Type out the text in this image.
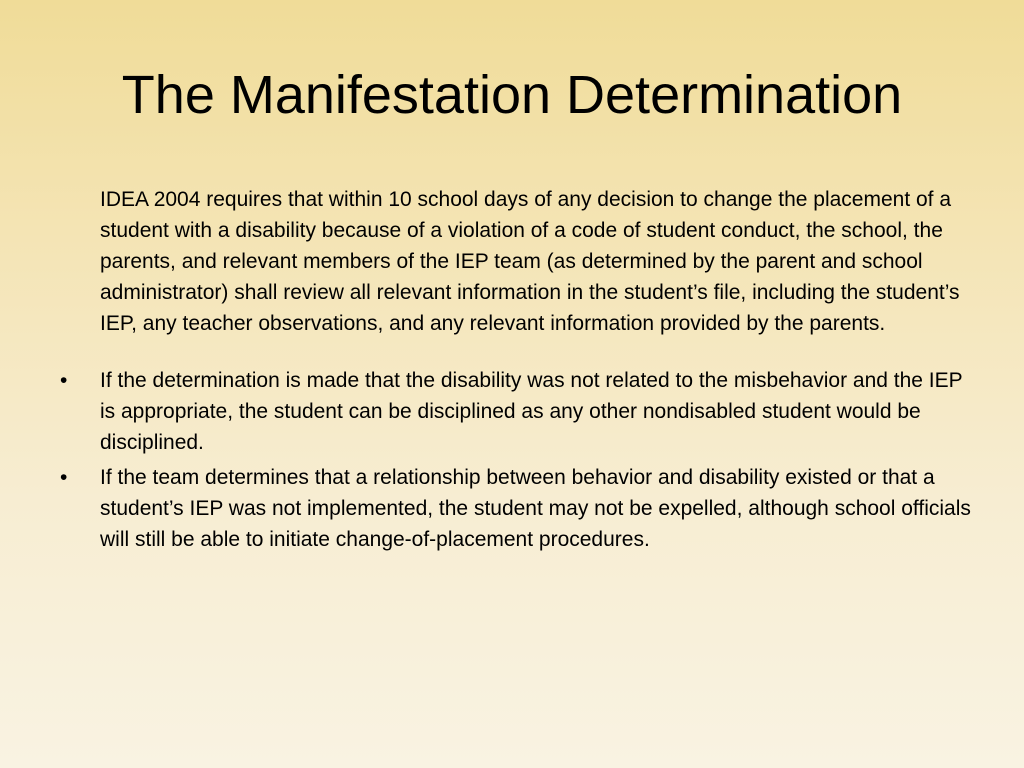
The Manifestation Determination

IDEA 2004 requires that within 10 school days of any decision to change the placement of a student with a disability because of a violation of a code of student conduct, the school, the parents, and relevant members of the IEP team (as determined by the parent and school administrator) shall review all relevant information in the student’s file, including the student’s IEP, any teacher observations, and any relevant information provided by the parents.

• If the determination is made that the disability was not related to the misbehavior and the IEP is appropriate, the student can be disciplined as any other nondisabled student would be disciplined.
• If the team determines that a relationship between behavior and disability existed or that a student’s IEP was not implemented, the student may not be expelled, although school officials will still be able to initiate change-of-placement procedures.
